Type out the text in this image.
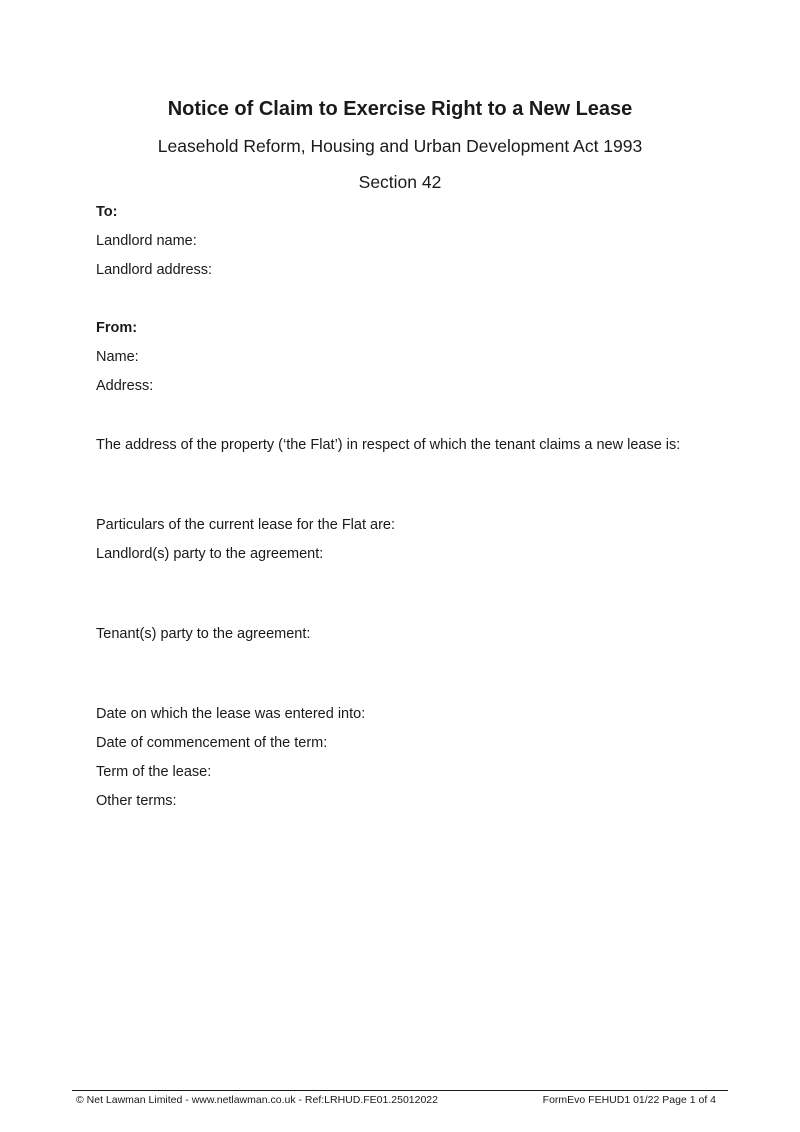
Notice of Claim to Exercise Right to a New Lease

Leasehold Reform, Housing and Urban Development Act 1993

Section 42

To:

Landlord name:

Landlord address:

From:

Name:

Address:

The address of the property (‘the Flat’) in respect of which the tenant claims a new lease is:

Particulars of the current lease for the Flat are:

Landlord(s) party to the agreement:

Tenant(s) party to the agreement:

Date on which the lease was entered into:

Date of commencement of the term:

Term of the lease:

Other terms:

© Net Lawman Limited - www.netlawman.co.uk - Ref:LRHUD.FE01.25012022	FormEvo FEHUD1 01/22 Page 1 of 4
